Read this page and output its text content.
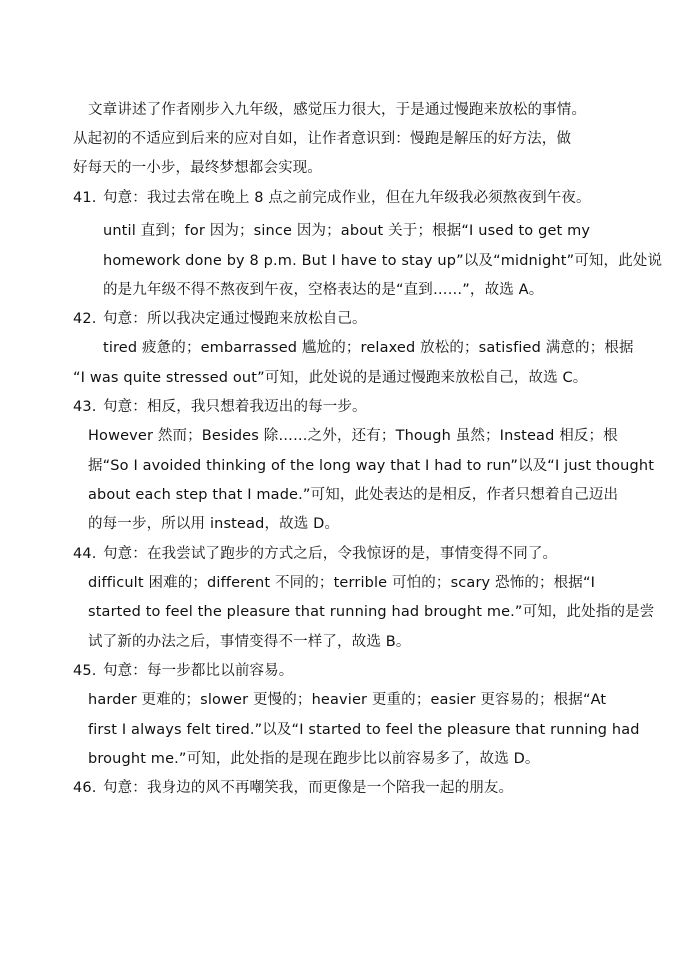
文章讲述了作者刚步入九年级，感觉压力很大，于是通过慢跑来放松的事情。
从起初的不适应到后来的应对自如，让作者意识到：慢跑是解压的好方法，做
好每天的一小步，最终梦想都会实现。
41. 句意：我过去常在晚上 8 点之前完成作业，但在九年级我必须熬夜到午夜。
until 直到；for 因为；since 因为；about 关于；根据“I used to get my
homework done by 8 p.m. But I have to stay up”以及“midnight”可知，此处说
的是九年级不得不熬夜到午夜，空格表达的是“直到……”，故选 A。
42. 句意：所以我决定通过慢跑来放松自己。
tired 疲惫的；embarrassed 尴尬的；relaxed 放松的；satisfied 满意的；根据
“I was quite stressed out”可知，此处说的是通过慢跑来放松自己，故选 C。
43. 句意：相反，我只想着我迈出的每一步。
However 然而；Besides 除……之外，还有；Though 虽然；Instead 相反；根
据“So I avoided thinking of the long way that I had to run”以及“I just thought
about each step that I made.”可知，此处表达的是相反，作者只想着自己迈出
的每一步，所以用 instead，故选 D。
44. 句意：在我尝试了跑步的方式之后，令我惊讶的是，事情变得不同了。
difficult 困难的；different 不同的；terrible 可怕的；scary 恐怖的；根据“I
started to feel the pleasure that running had brought me.”可知，此处指的是尝
试了新的办法之后，事情变得不一样了，故选 B。
45. 句意：每一步都比以前容易。
harder 更难的；slower 更慢的；heavier 更重的；easier 更容易的；根据“At
first I always felt tired.”以及“I started to feel the pleasure that running had
brought me.”可知，此处指的是现在跑步比以前容易多了，故选 D。
46. 句意：我身边的风不再嘲笑我，而更像是一个陪我一起的朋友。
